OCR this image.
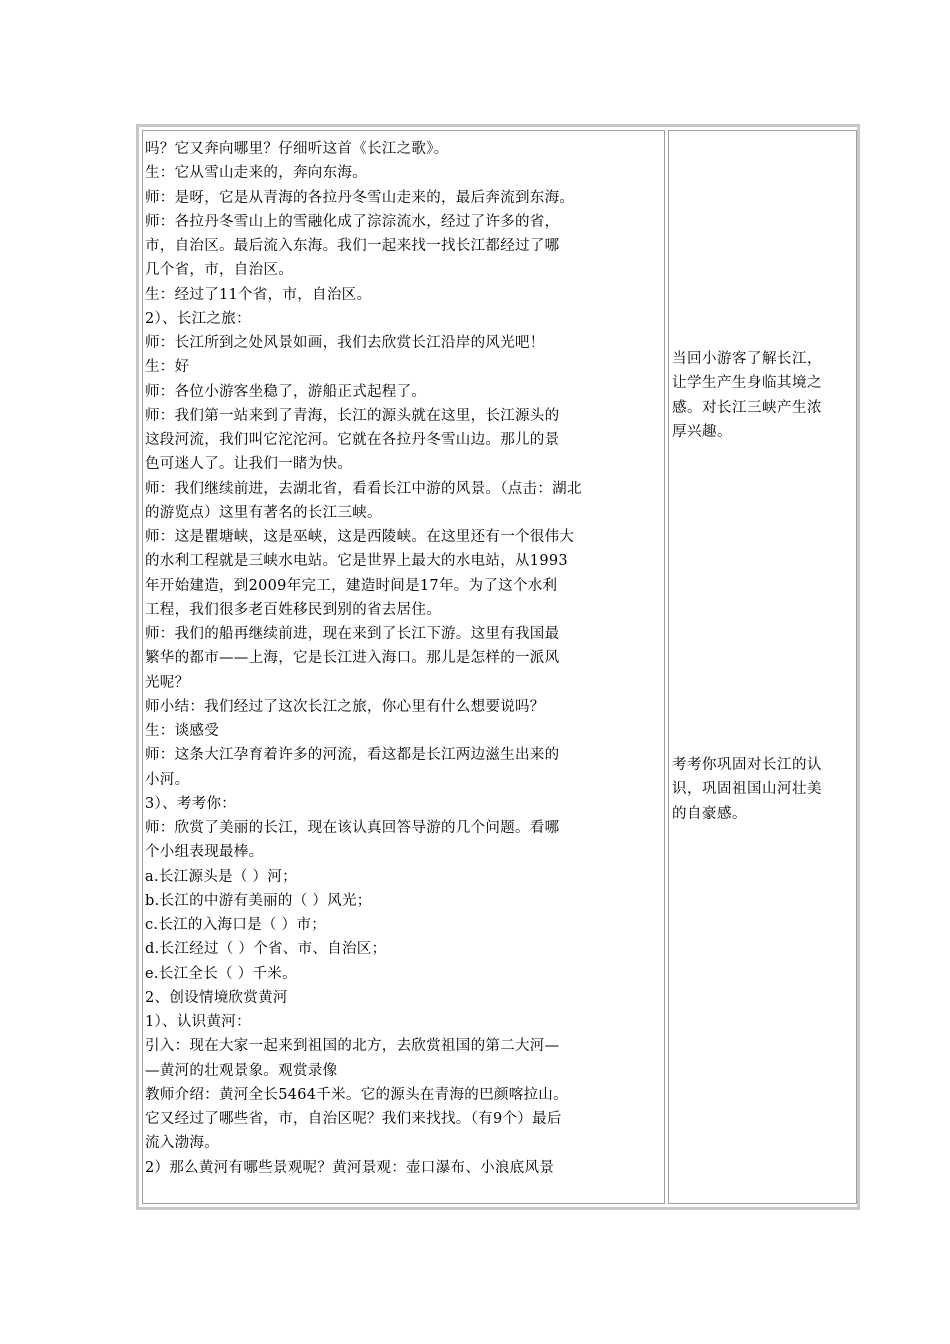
吗？它又奔向哪里？仔细听这首《长江之歌》。
生：它从雪山走来的，奔向东海。
师：是呀，它是从青海的各拉丹冬雪山走来的，最后奔流到东海。
师：各拉丹冬雪山上的雪融化成了淙淙流水，经过了许多的省，
市，自治区。最后流入东海。我们一起来找一找长江都经过了哪
几个省，市，自治区。
生：经过了11个省，市，自治区。
2）、长江之旅：
师：长江所到之处风景如画，我们去欣赏长江沿岸的风光吧！
生：好
师：各位小游客坐稳了，游船正式起程了。
师：我们第一站来到了青海，长江的源头就在这里，长江源头的
这段河流，我们叫它沱沱河。它就在各拉丹冬雪山边。那儿的景
色可迷人了。让我们一睹为快。
师：我们继续前进，去湖北省，看看长江中游的风景。（点击：湖北
的游览点）这里有著名的长江三峡。
师：这是瞿塘峡，这是巫峡，这是西陵峡。在这里还有一个很伟大
的水利工程就是三峡水电站。它是世界上最大的水电站，从1993
年开始建造，到2009年完工，建造时间是17年。为了这个水利
工程，我们很多老百姓移民到别的省去居住。
师：我们的船再继续前进，现在来到了长江下游。这里有我国最
繁华的都市——上海，它是长江进入海口。那儿是怎样的一派风
光呢？
师小结：我们经过了这次长江之旅，你心里有什么想要说吗？
生：谈感受
师：这条大江孕育着许多的河流，看这都是长江两边滋生出来的
小河。
3）、考考你：
师：欣赏了美丽的长江，现在该认真回答导游的几个问题。看哪
个小组表现最棒。
a.长江源头是（ ）河；
b.长江的中游有美丽的（ ）风光；
c.长江的入海口是（ ）市；
d.长江经过（ ）个省、市、自治区；
e.长江全长（ ）千米。
2、创设情境欣赏黄河
1）、认识黄河：
引入：现在大家一起来到祖国的北方，去欣赏祖国的第二大河—
—黄河的壮观景象。观赏录像
教师介绍：黄河全长5464千米。它的源头在青海的巴颜喀拉山。
它又经过了哪些省，市，自治区呢？我们来找找。（有9个）最后
流入渤海。
2）那么黄河有哪些景观呢？黄河景观：壶口瀑布、小浪底风景
当回小游客了解长江，
让学生产生身临其境之
感。对长江三峡产生浓
厚兴趣。
考考你巩固对长江的认
识，巩固祖国山河壮美
的自豪感。
